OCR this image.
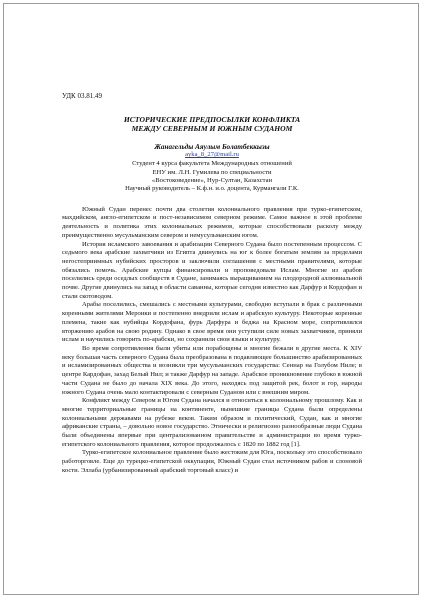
УДК 03.81.49
ИСТОРИЧЕСКИЕ ПРЕДПОСЫЛКИ КОНФЛИКТА
МЕЖДУ СЕВЕРНЫМ И ЮЖНЫМ СУДАНОМ
Жанагельды Аяулым Болатбеккызы
ayka_8_27@mail.ru
Студент 4 курса факультета Международных отношений
ЕНУ им. Л.Н. Гумилева по специальности
«Востоковедение», Нур-Султан, Казахстан
Научный руководитель – К.ф.н. и.о. доцента, Курмангали Г.К.

Южный Судан перенес почти два столетия колониального правления при турко-египетском, махдийском, англо-египетском и пост-независимом северном режиме. Самое важное в этой проблеме деятельность и политика этих колониальных режимов, которые способствовали расколу между преимущественно мусульманским севером и немусульманским югом.

История исламского завоевания и арабизации Северного Судана было постепенным процессом. С седьмого века арабские захватчики из Египта двинулись на юг к более богатым землям за пределами негостеприимных нубийских просторов и заключили соглашения с местными правителями, которые обязались помочь. Арабские купцы финансировали и проповедовали Ислам. Многие из арабов поселились среди оседлых сообществ в Судане, занимаясь выращиванием на плодородной аллювиальной почве. Другие двинулись на запад в области саванны, которые сегодня известно как Дарфур и Кордофан и стали скотоводом.

Арабы поселились, смешались с местными культурами, свободно вступали в брак с различными коренными жителями Мероики и постепенно внедрили ислам и арабскую культуру. Некоторые коренные племена, такие как нубийцы Кордофана, фурь Дарфура и беджа на Красном море, сопротивлялся вторжению арабов на свою родину. Однако в свое время они уступили силе новых захватчиков, приняли ислам и научились говорить по-арабски, но сохранили свои языки и культуру.

Во время сопротивления были убиты или порабощены и многие бежали в другие места. К XIV веку большая часть северного Судана была преобразована в подавляющее большинство арабизированных и исламизированных общества и возникли три мусульманских государства: Сеннар на Голубом Ниле; в центре Кардофан, захад Белый Нил; и также Дарфур на западе. Арабское проникновение глубоко в южной части Судана не было до начала XIX века. До этого, находясь под защитой рек, болот и гор, народы южного Судана очень мало контактировали с северным Суданом или с внешним миром.

Конфликт между Севером и Югом Судана начался и относиться к колониальному прошлому. Как и многие территориальные границы на континенте, нынешние границы Судана были определены колониальными державами на рубеже веков. Таким образом и политический, Судан, как и многие африканские страны, – довольно новое государство. Этнически и религиозно разнообразные люди Судана были объединены впервые при централизованном правительстве и администрации во время турко-египетского колониального правления, которое продолжалось с 1820 по 1882 год [1].

Турко-египетское колониальное правление было жестоким для Юга, поскольку это способствовало работорговле. Еще до турецко-египетской оккупации, Южный Судан стал источником рабов и слоновой кости. Эллаба (урбанизированный арабский торговый класс) и
